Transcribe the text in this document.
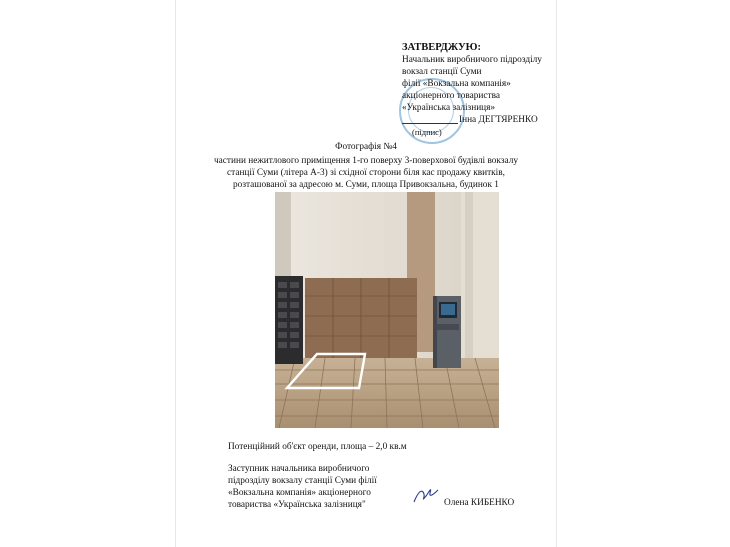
ЗАТВЕРДЖУЮ:
Начальник виробничого підрозділу
вокзал станції Суми
філії «Вокзальна компанія»
акціонерного товариства
«Українська залізниця»
Інна ДЕГТЯРЕНКО
(підпис)
Фотографія №4
частини нежитлового приміщення 1-го поверху 3-поверхової будівлі вокзалу
станції Суми (літера А-3) зі східної сторони біля кас продажу квитків,
розташованої за адресою м. Суми, площа Привокзальна, будинок 1
Потенційний об'єкт оренди, площа – 2,0 кв.м
Заступник начальника виробничого
підрозділу вокзалу станції Суми філії
«Вокзальна компанія» акціонерного
товариства «Українська залізниця"	Олена КИБЕНКО
